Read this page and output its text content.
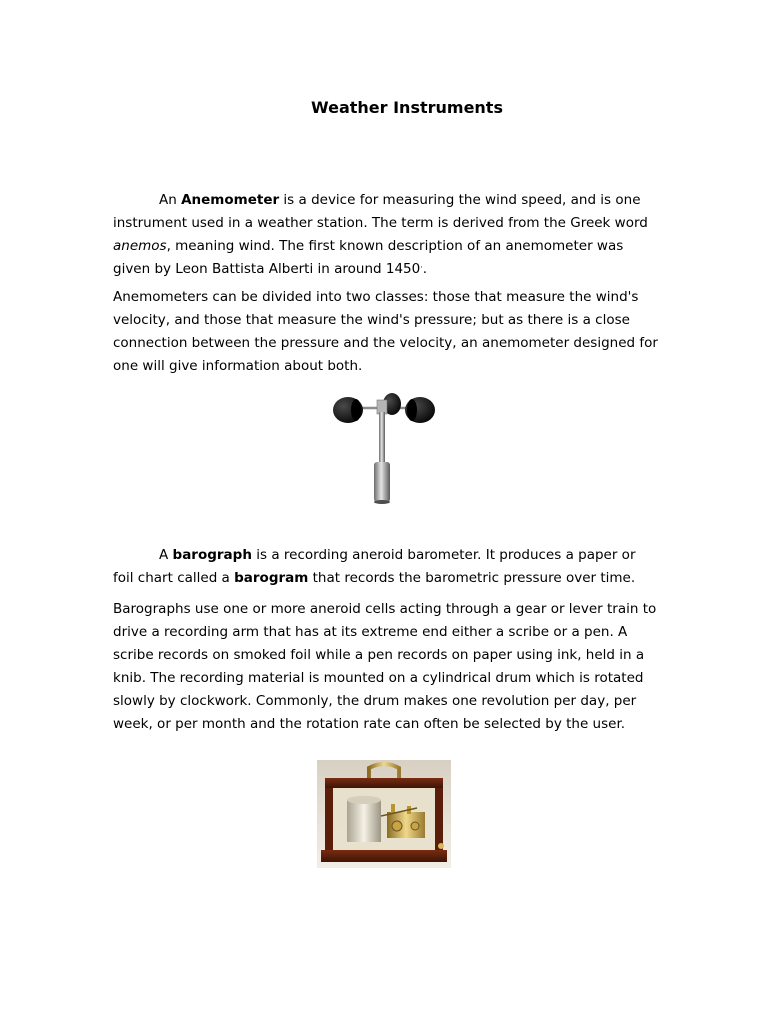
Weather Instruments

An Anemometer is a device for measuring the wind speed, and is one instrument used in a weather station. The term is derived from the Greek word anemos, meaning wind. The first known description of an anemometer was given by Leon Battista Alberti in around 1450..

Anemometers can be divided into two classes: those that measure the wind's velocity, and those that measure the wind's pressure; but as there is a close connection between the pressure and the velocity, an anemometer designed for one will give information about both.

A barograph is a recording aneroid barometer. It produces a paper or foil chart called a barogram that records the barometric pressure over time.

Barographs use one or more aneroid cells acting through a gear or lever train to drive a recording arm that has at its extreme end either a scribe or a pen. A scribe records on smoked foil while a pen records on paper using ink, held in a knib. The recording material is mounted on a cylindrical drum which is rotated slowly by clockwork. Commonly, the drum makes one revolution per day, per week, or per month and the rotation rate can often be selected by the user.
